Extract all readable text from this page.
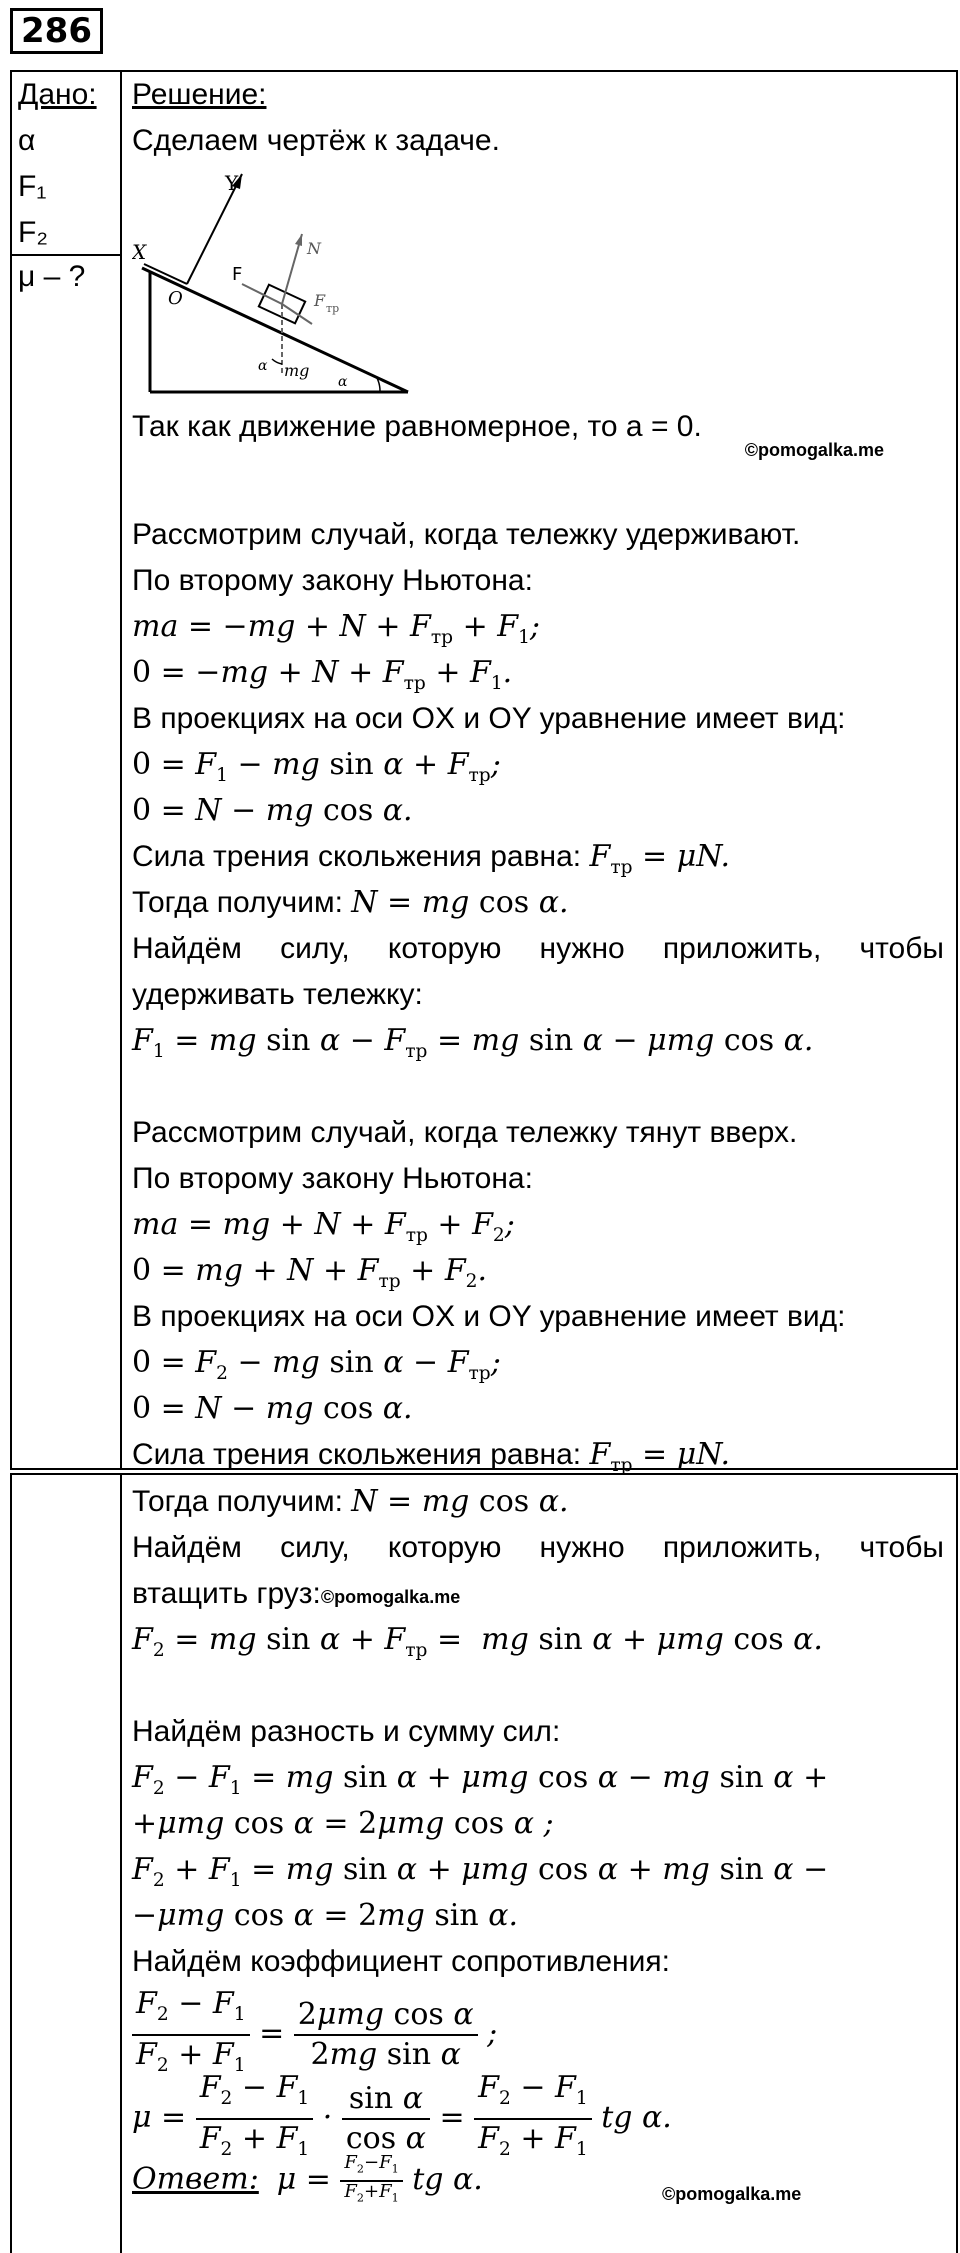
286
Дано:
α
F₁
F₂
μ – ?
Решение:
Сделаем чертёж к задаче.
Y
X
O
F
N
F тр
mg
α
α
Так как движение равномерное, то a = 0.
©pomogalka.me
Рассмотрим случай, когда тележку удерживают.
По второму закону Ньютона:
ma = $-mg + N + F_{тр} + F_1$;
$0 = -mg + N + F_{тр} + F_1$.
В проекциях на оси OX и OY уравнение имеет вид:
$0 = F_1$ − mg $\sin \alpha + F_{тр}$;
0 = N − mg cos α.
Сила трения скольжения равна: $F_{тр} = \mu N$.
Тогда получим: N = mg cos α.
Найдём силу, которую нужно приложить, чтобы удерживать тележку:
$F_1$ = mg $\sin \alpha - F_{тр}$ = mg sin α − μmg cos α.
Рассмотрим случай, когда тележку тянут вверх.
По второму закону Ньютона:
ma = mg + $N + F_{тр} + F_2$;
0 = mg + $N + F_{тр} + F_2$.
В проекциях на оси OX и OY уравнение имеет вид:
$0 = F_2$ − mg $\sin \alpha - F_{тр}$;
0 = N − mg cos α.
Сила трения скольжения равна: $F_{тр} = \mu N$.
Тогда получим: N = mg cos α.
Найдём силу, которую нужно приложить, чтобы
втащить груз:©pomogalka.me
$F_2$ = mg $\sin \alpha + F_{тр}$ =  mg sin α + μmg cos α.
Найдём разность и сумму сил:
$F_2 - F_1$ = mg sin α + μmg cos α − mg sin α +
+μmg cos α = 2μmg cos α ;
$F_2 + F_1$ = mg sin α + μmg cos α + mg sin α −
−μmg cos α = 2mg sin α.
Найдём коэффициент сопротивления:
$\frac{F_2 - F_1}{F_2 + F_1} = \frac{\text{2μmg cos α}}{\text{2mg sin α}}$ ;
$\mu = \frac{F_2 - F_1}{F_2 + F_1} \cdot \frac{\text{sin α}}{\text{cos α}} = \frac{F_2 - F_1}{F_2 + F_1}$ tg α.
Ответ:  $\mu = \frac{F_2-F_1}{F_2+F_1}$ tg α.	©pomogalka.me
